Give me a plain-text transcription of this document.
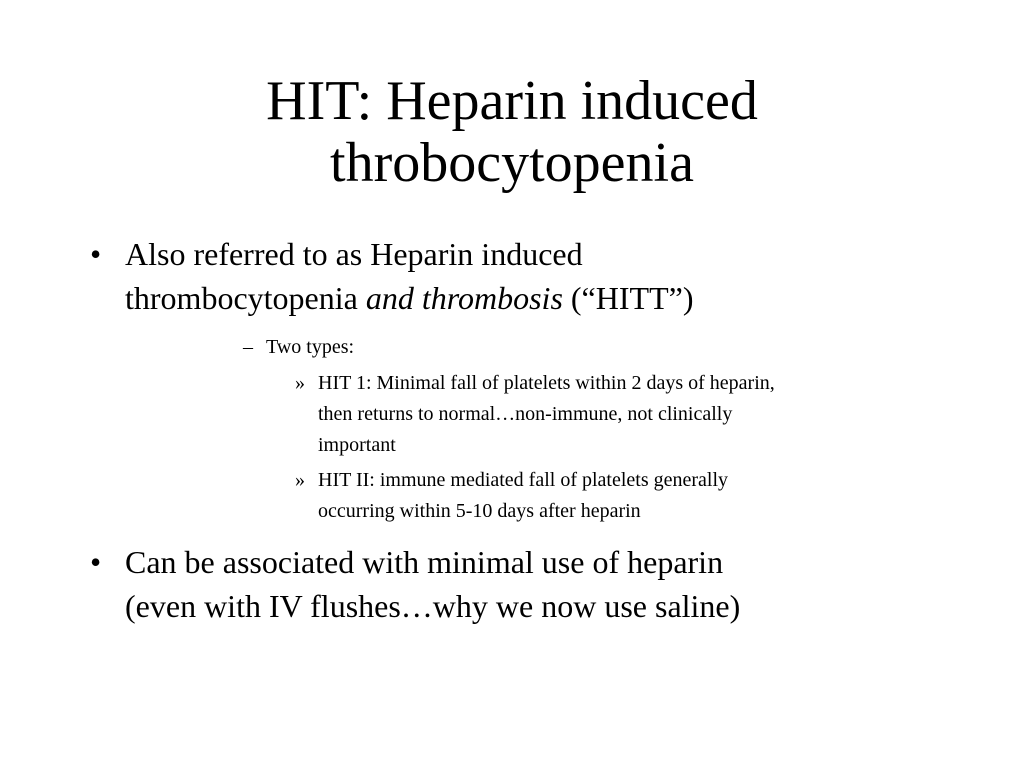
HIT: Heparin induced
throbocytopenia
• Also referred to as Heparin induced
thrombocytopenia and thrombosis (“HITT”)
– Two types:
» HIT 1: Minimal fall of platelets within 2 days of heparin,
then returns to normal…non-immune, not clinically
important
» HIT II: immune mediated fall of platelets generally
occurring within 5-10 days after heparin
• Can be associated with minimal use of heparin
(even with IV flushes…why we now use saline)
